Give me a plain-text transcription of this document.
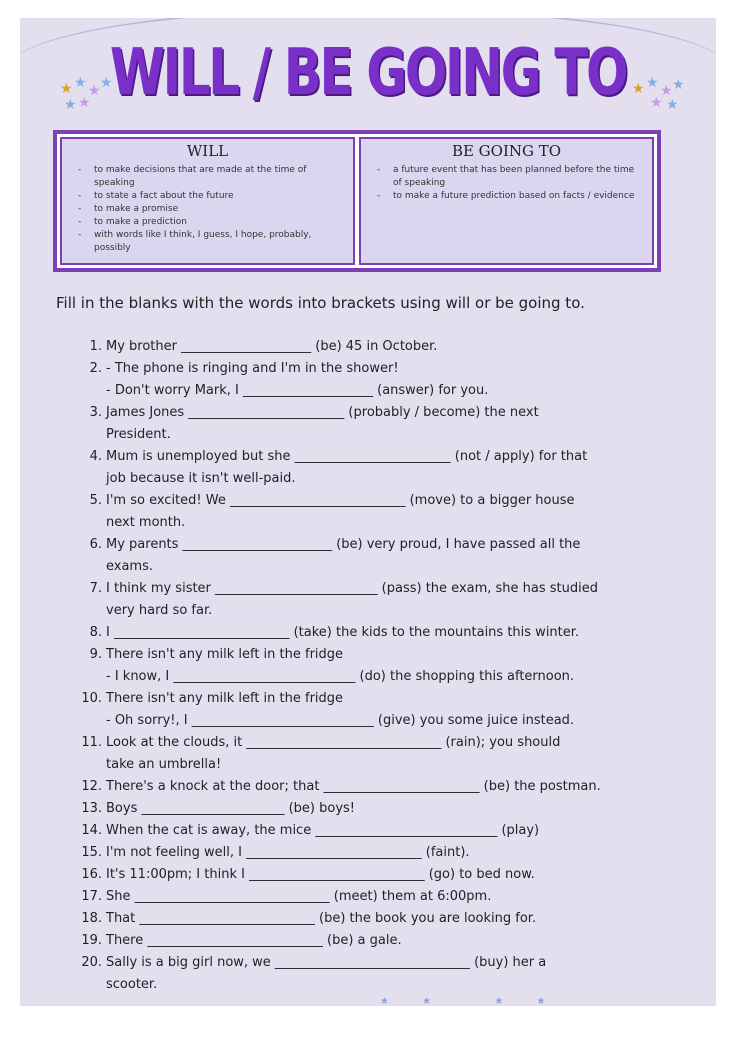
★ ★ ★ ★
★
★
★ ★ ★ ★
★ ★
WILL / BE GOING TO
WILL
- to make decisions that are made at the time of speaking
- to state a fact about the future
- to make a promise
- to make a prediction
- with words like I think, I guess, I hope, probably, possibly
BE GOING TO
- a future event that has been planned before the time of speaking
- to make a future prediction based on facts / evidence
Fill in the blanks with the words into brackets using will or be going to.
1. My brother ____________________ (be) 45 in October.
2. - The phone is ringing and I'm in the shower!
- Don't worry Mark, I ____________________ (answer) for you.
3. James Jones ________________________ (probably / become) the next
President.
4. Mum is unemployed but she ________________________ (not / apply) for that
job because it isn't well-paid.
5. I'm so excited! We ___________________________ (move) to a bigger house
next month.
6. My parents _______________________ (be) very proud, I have passed all the
exams.
7. I think my sister _________________________ (pass) the exam, she has studied
very hard so far.
8. I ___________________________ (take) the kids to the mountains this winter.
9. There isn't any milk left in the fridge
- I know, I ____________________________ (do) the shopping this afternoon.
10. There isn't any milk left in the fridge
- Oh sorry!, I ____________________________ (give) you some juice instead.
11. Look at the clouds, it ______________________________ (rain); you should
take an umbrella!
12. There's a knock at the door; that ________________________ (be) the postman.
13. Boys ______________________ (be) boys!
14. When the cat is away, the mice ____________________________ (play)
15. I'm not feeling well, I ___________________________ (faint).
16. It's 11:00pm; I think I ___________________________ (go) to bed now.
17. She ______________________________ (meet) them at 6:00pm.
18. That ___________________________ (be) the book you are looking for.
19. There ___________________________ (be) a gale.
20. Sally is a big girl now, we ______________________________ (buy) her a
scooter.
★	★	★	★
